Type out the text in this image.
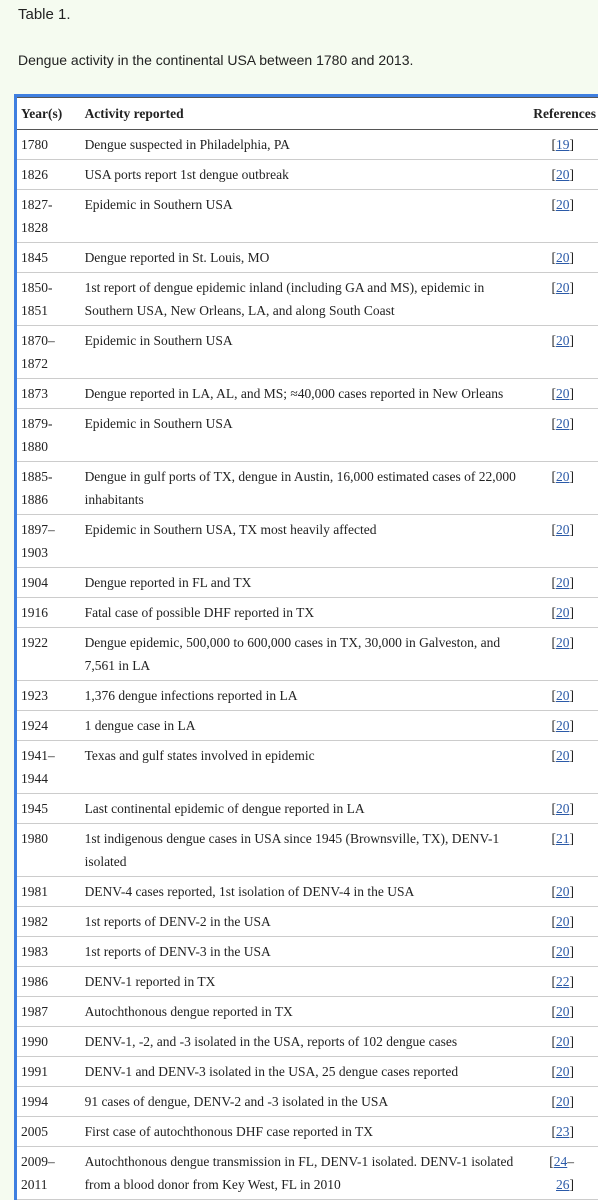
Table 1.
Dengue activity in the continental USA between 1780 and 2013.
Year(s)	Activity reported	References
1780	Dengue suspected in Philadelphia, PA	[19]
1826	USA ports report 1st dengue outbreak	[20]
1827-1828	Epidemic in Southern USA	[20]
1845	Dengue reported in St. Louis, MO	[20]
1850-1851	1st report of dengue epidemic inland (including GA and MS), epidemic in Southern USA, New Orleans, LA, and along South Coast	[20]
1870–1872	Epidemic in Southern USA	[20]
1873	Dengue reported in LA, AL, and MS; ≈40,000 cases reported in New Orleans	[20]
1879-1880	Epidemic in Southern USA	[20]
1885-1886	Dengue in gulf ports of TX, dengue in Austin, 16,000 estimated cases of 22,000 inhabitants	[20]
1897–1903	Epidemic in Southern USA, TX most heavily affected	[20]
1904	Dengue reported in FL and TX	[20]
1916	Fatal case of possible DHF reported in TX	[20]
1922	Dengue epidemic, 500,000 to 600,000 cases in TX, 30,000 in Galveston, and 7,561 in LA	[20]
1923	1,376 dengue infections reported in LA	[20]
1924	1 dengue case in LA	[20]
1941–1944	Texas and gulf states involved in epidemic	[20]
1945	Last continental epidemic of dengue reported in LA	[20]
1980	1st indigenous dengue cases in USA since 1945 (Brownsville, TX), DENV-1 isolated	[21]
1981	DENV-4 cases reported, 1st isolation of DENV-4 in the USA	[20]
1982	1st reports of DENV-2 in the USA	[20]
1983	1st reports of DENV-3 in the USA	[20]
1986	DENV-1 reported in TX	[22]
1987	Autochthonous dengue reported in TX	[20]
1990	DENV-1, -2, and -3 isolated in the USA, reports of 102 dengue cases	[20]
1991	DENV-1 and DENV-3 isolated in the USA, 25 dengue cases reported	[20]
1994	91 cases of dengue, DENV-2 and -3 isolated in the USA	[20]
2005	First case of autochthonous DHF case reported in TX	[23]
2009–2011	Autochthonous dengue transmission in FL, DENV-1 isolated. DENV-1 isolated from a blood donor from Key West, FL in 2010	[24–26]
